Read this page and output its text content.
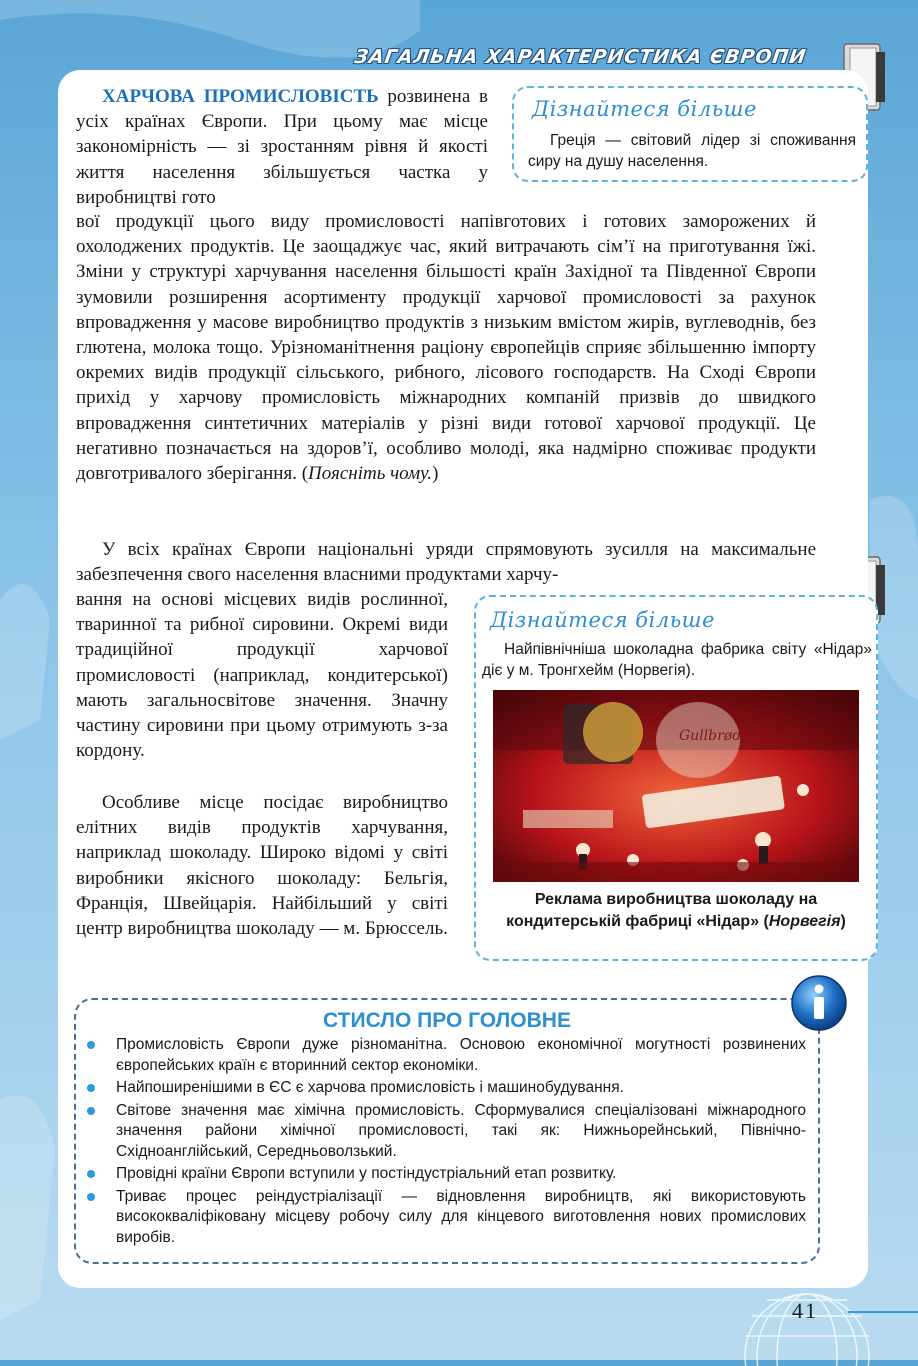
ЗАГАЛЬНА ХАРАКТЕРИСТИКА ЄВРОПИ

ХАРЧОВА ПРОМИСЛОВІСТЬ розвинена в усіх країнах Європи. При цьому має місце закономірність — зі зростанням рівня й якості життя населення збільшується частка у виробництві гото

Дізнайтеся більше

Греція — світовий лідер зі споживання сиру на душу населення.

вої продукції цього виду промисловості напівготових і готових заморожених й охолоджених продуктів. Це заощаджує час, який витрачають сім’ї на приготування їжі. Зміни у структурі харчування населення більшості країн Західної та Південної Європи зумовили розширення асортименту продукції харчової промисловості за рахунок впровадження у масове виробництво продуктів з низьким вмістом жирів, вуглеводнів, без глютена, молока тощо. Урізноманітнення раціону європейців сприяє збільшенню імпорту окремих видів продукції сільського, рибного, лісового господарств. На Сході Європи прихід у харчову промисловість міжнародних компаній призвів до швидкого впровадження синтетичних матеріалів у різні види готової харчової продукції. Це негативно позначається на здоров’ї, особливо молоді, яка надмірно споживає продукти довготривалого зберігання. (Поясніть чому.)

У всіх країнах Європи національні уряди спрямовують зусилля на максимальне забезпечення свого населення власними продуктами харчу-

вання на основі місцевих видів рослинної, тваринної та рибної сировини. Окремі види традиційної продукції харчової промисловості (наприклад, кондитерської) мають загальносвітове значення. Значну частину сировини при цьому отримують з-за кордону.

Особливе місце посідає виробництво елітних видів продуктів харчування, наприклад шоколаду. Широко відомі у світі виробники якісного шоколаду: Бельгія, Франція, Швейцарія. Найбільший у світі центр виробництва шоколаду — м. Брюссель.

Дізнайтеся більше

Найпівнічніша шоколадна фабрика світу «Нідар» діє у м. Тронгхейм (Норвегія).

Gullbrød

Реклама виробництва шоколаду на кондитерській фабриці «Нідар» (Норвегія)

СТИСЛО ПРО ГОЛОВНЕ

Промисловість Європи дуже різноманітна. Основою економічної могутності розвинених європейських країн є вторинний сектор економіки.
Найпоширенішими в ЄС є харчова промисловість і машинобудування.
Світове значення має хімічна промисловість. Сформувалися спеціалізовані міжнародного значення райони хімічної промисловості, такі як: Нижньорейнський, Північно-Східноанглійський, Середньоволзький.
Провідні країни Європи вступили у постіндустріальний етап розвитку.
Триває процес реіндустріалізації — відновлення виробництв, які використовують висококваліфіковану місцеву робочу силу для кінцевого виготовлення нових промислових виробів.
41
